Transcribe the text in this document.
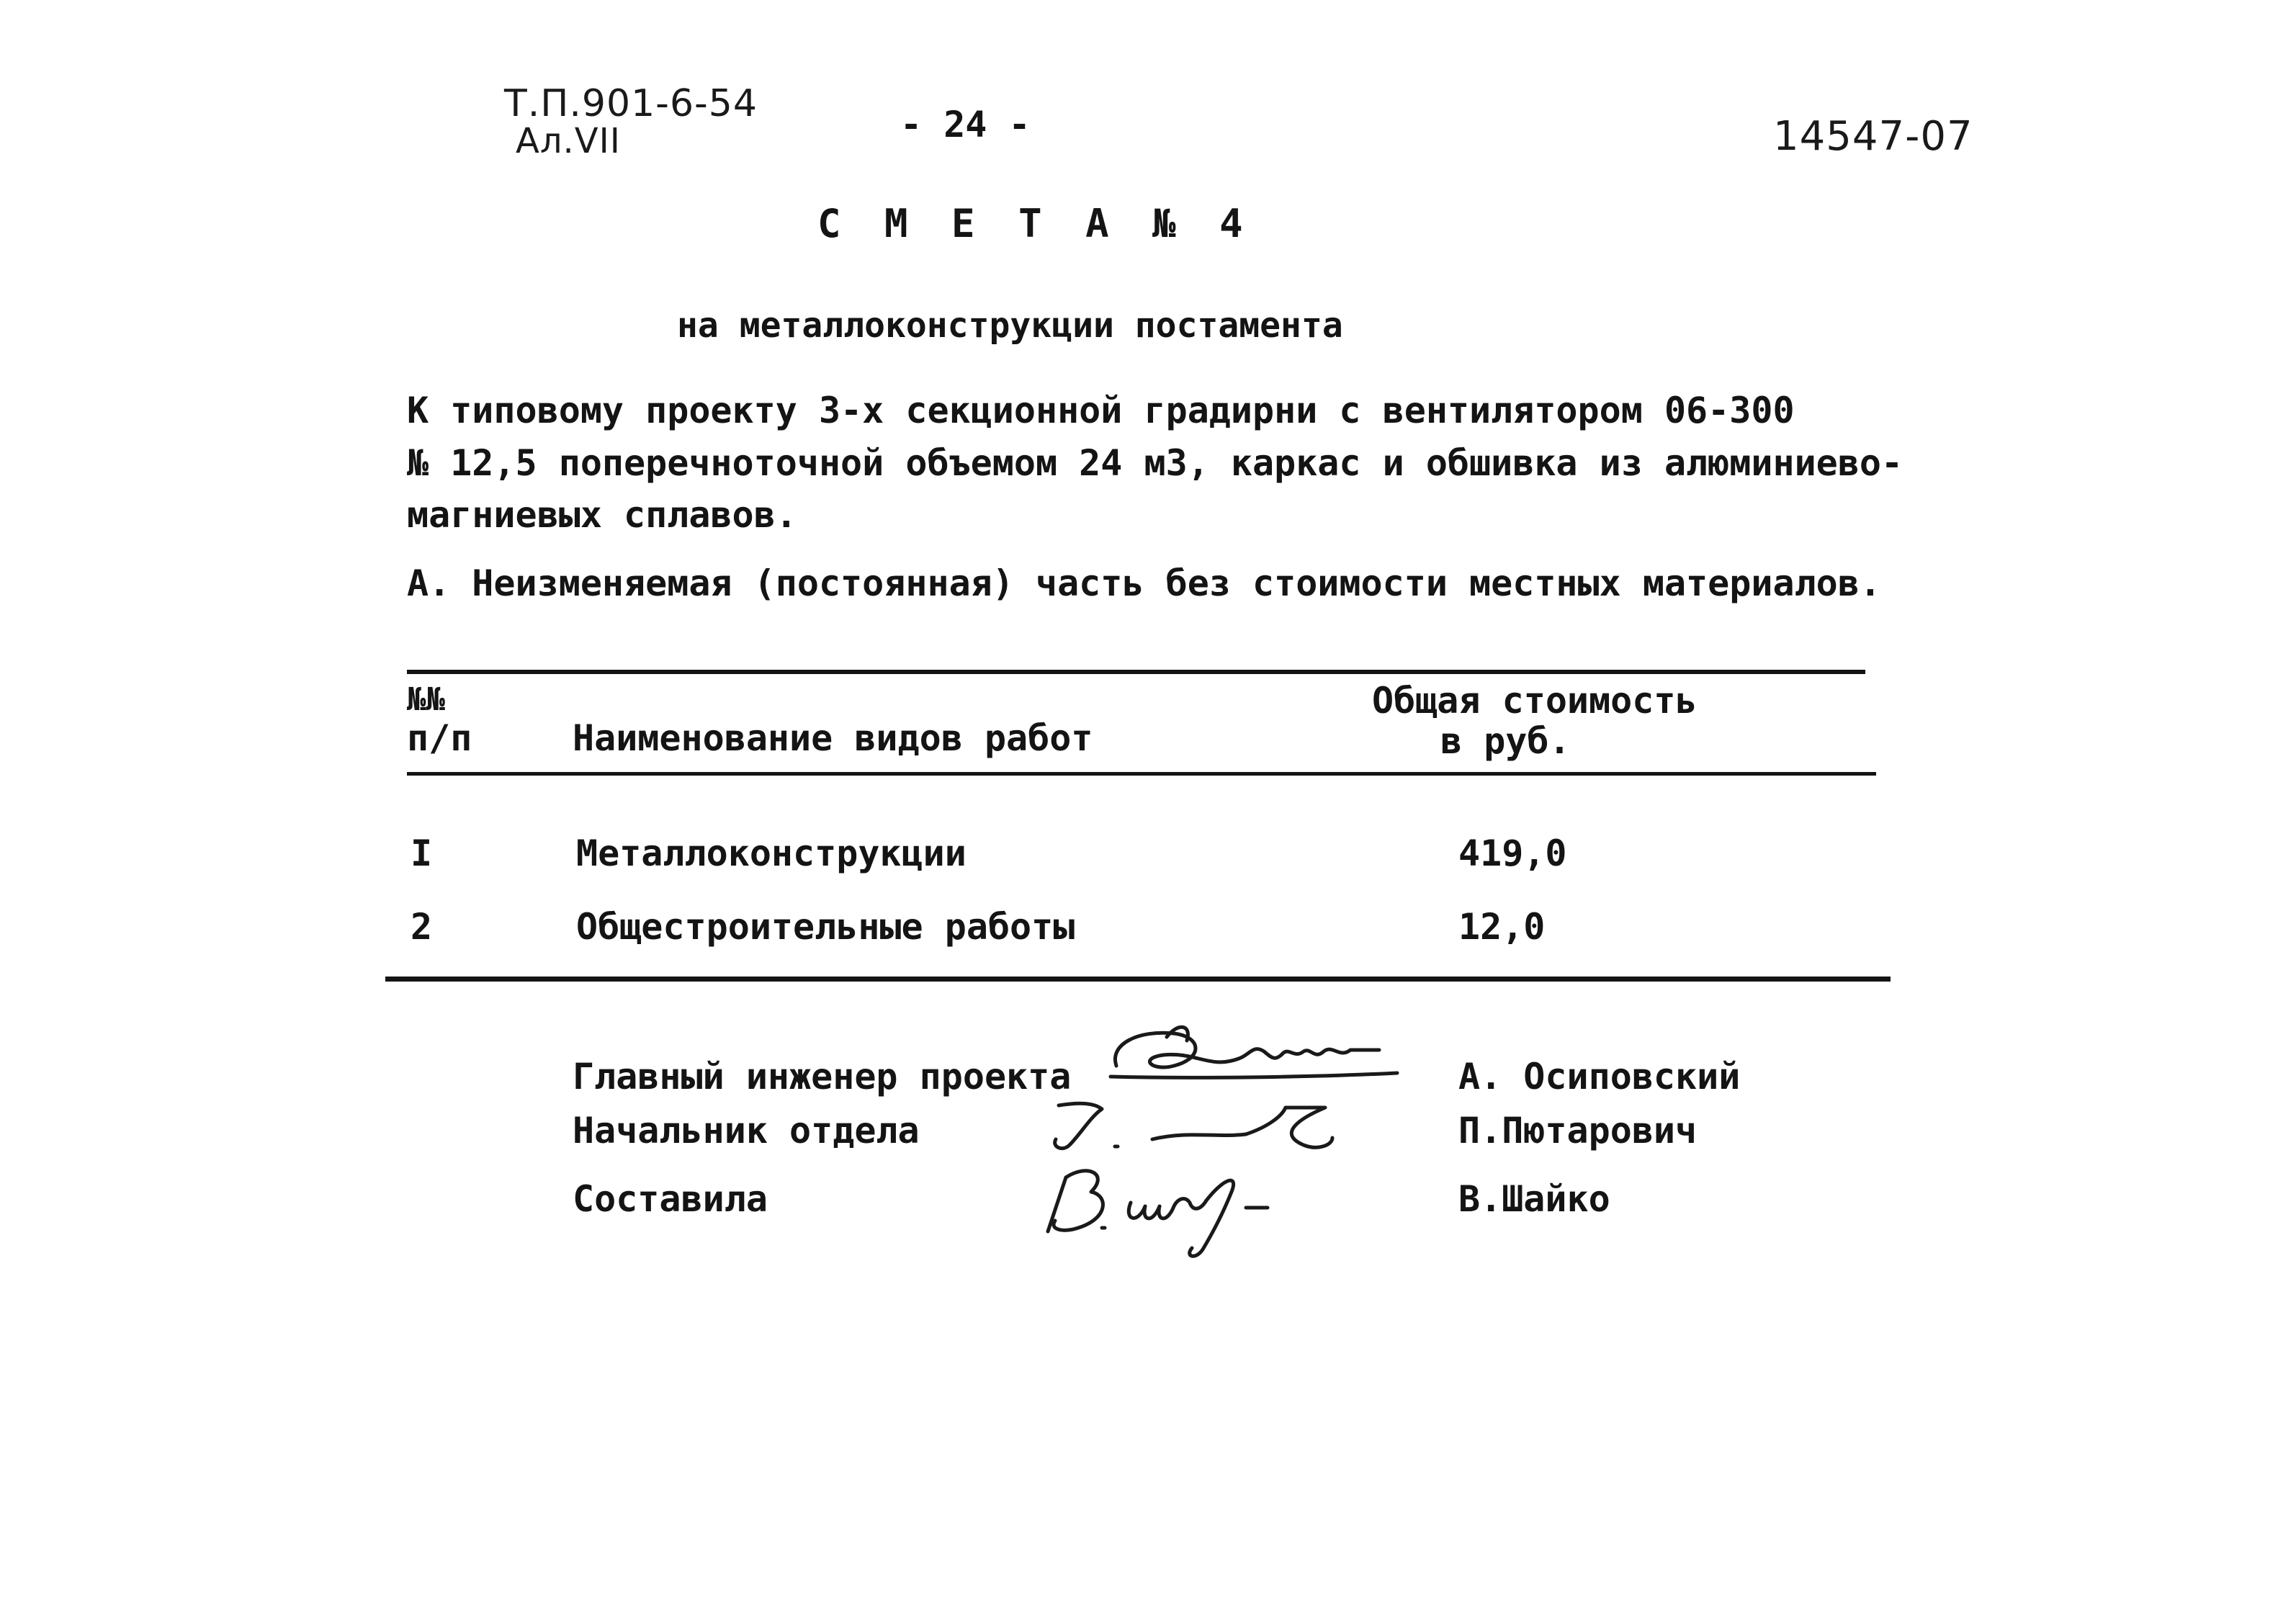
Т.П.901-6-54
Ал.VII	14547-07
- 24 -
С М Е Т А № 4
на металлоконструкции постамента
К типовому проекту 3-х секционной градирни с вентилятором 06-300
№ 12,5 поперечноточной объемом 24 м3, каркас и обшивка из алюминиево-
магниевых сплавов.
А. Неизменяемая (постоянная) часть без стоимости местных материалов.
№№
п/п	Наименование видов работ
Общая стоимость
в руб.
I	Металлоконструкции	419,0
2	Общестроительные работы	12,0
Главный инженер проекта	А. Осиповский
Начальник отдела	П.Пютарович
Составила	В.Шайко
